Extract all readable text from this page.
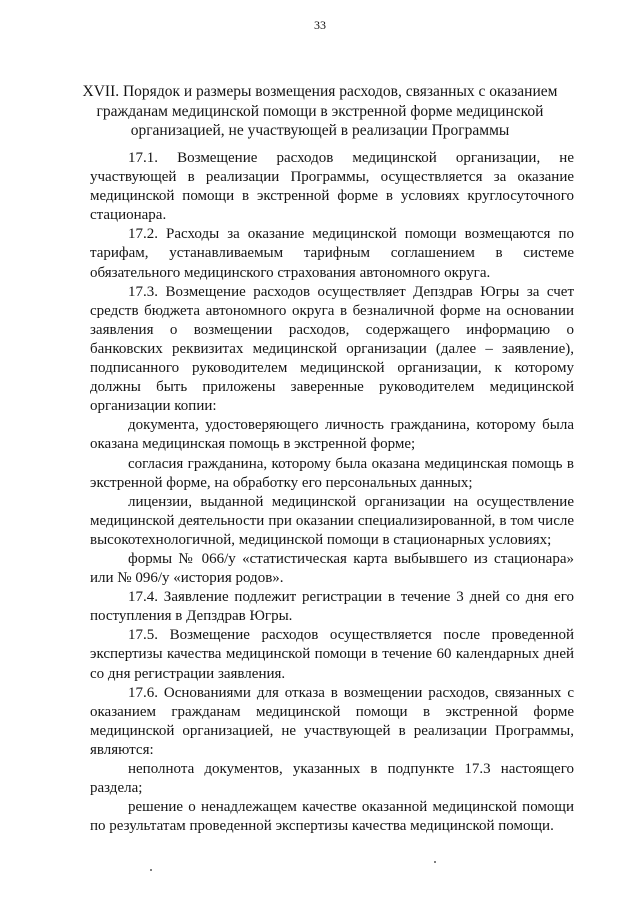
33
XVII. Порядок и размеры возмещения расходов, связанных с оказанием гражданам медицинской помощи в экстренной форме медицинской организацией, не участвующей в реализации Программы

17.1. Возмещение расходов медицинской организации, не участвующей в реализации Программы, осуществляется за оказание медицинской помощи в экстренной форме в условиях круглосуточного стационара.

17.2. Расходы за оказание медицинской помощи возмещаются по тарифам, устанавливаемым тарифным соглашением в системе обязательного медицинского страхования автономного округа.

17.3. Возмещение расходов осуществляет Депздрав Югры за счет средств бюджета автономного округа в безналичной форме на основании заявления о возмещении расходов, содержащего информацию о банковских реквизитах медицинской организации (далее – заявление), подписанного руководителем медицинской организации, к которому должны быть приложены заверенные руководителем медицинской организации копии:

документа, удостоверяющего личность гражданина, которому была оказана медицинская помощь в экстренной форме;

согласия гражданина, которому была оказана медицинская помощь в экстренной форме, на обработку его персональных данных;

лицензии, выданной медицинской организации на осуществление медицинской деятельности при оказании специализированной, в том числе высокотехнологичной, медицинской помощи в стационарных условиях;

формы № 066/у «статистическая карта выбывшего из стационара» или № 096/у «история родов».

17.4. Заявление подлежит регистрации в течение 3 дней со дня его поступления в Депздрав Югры.

17.5. Возмещение расходов осуществляется после проведенной экспертизы качества медицинской помощи в течение 60 календарных дней со дня регистрации заявления.

17.6. Основаниями для отказа в возмещении расходов, связанных с оказанием гражданам медицинской помощи в экстренной форме медицинской организацией, не участвующей в реализации Программы, являются:

неполнота документов, указанных в подпункте 17.3 настоящего раздела;

решение о ненадлежащем качестве оказанной медицинской помощи по результатам проведенной экспертизы качества медицинской помощи.
